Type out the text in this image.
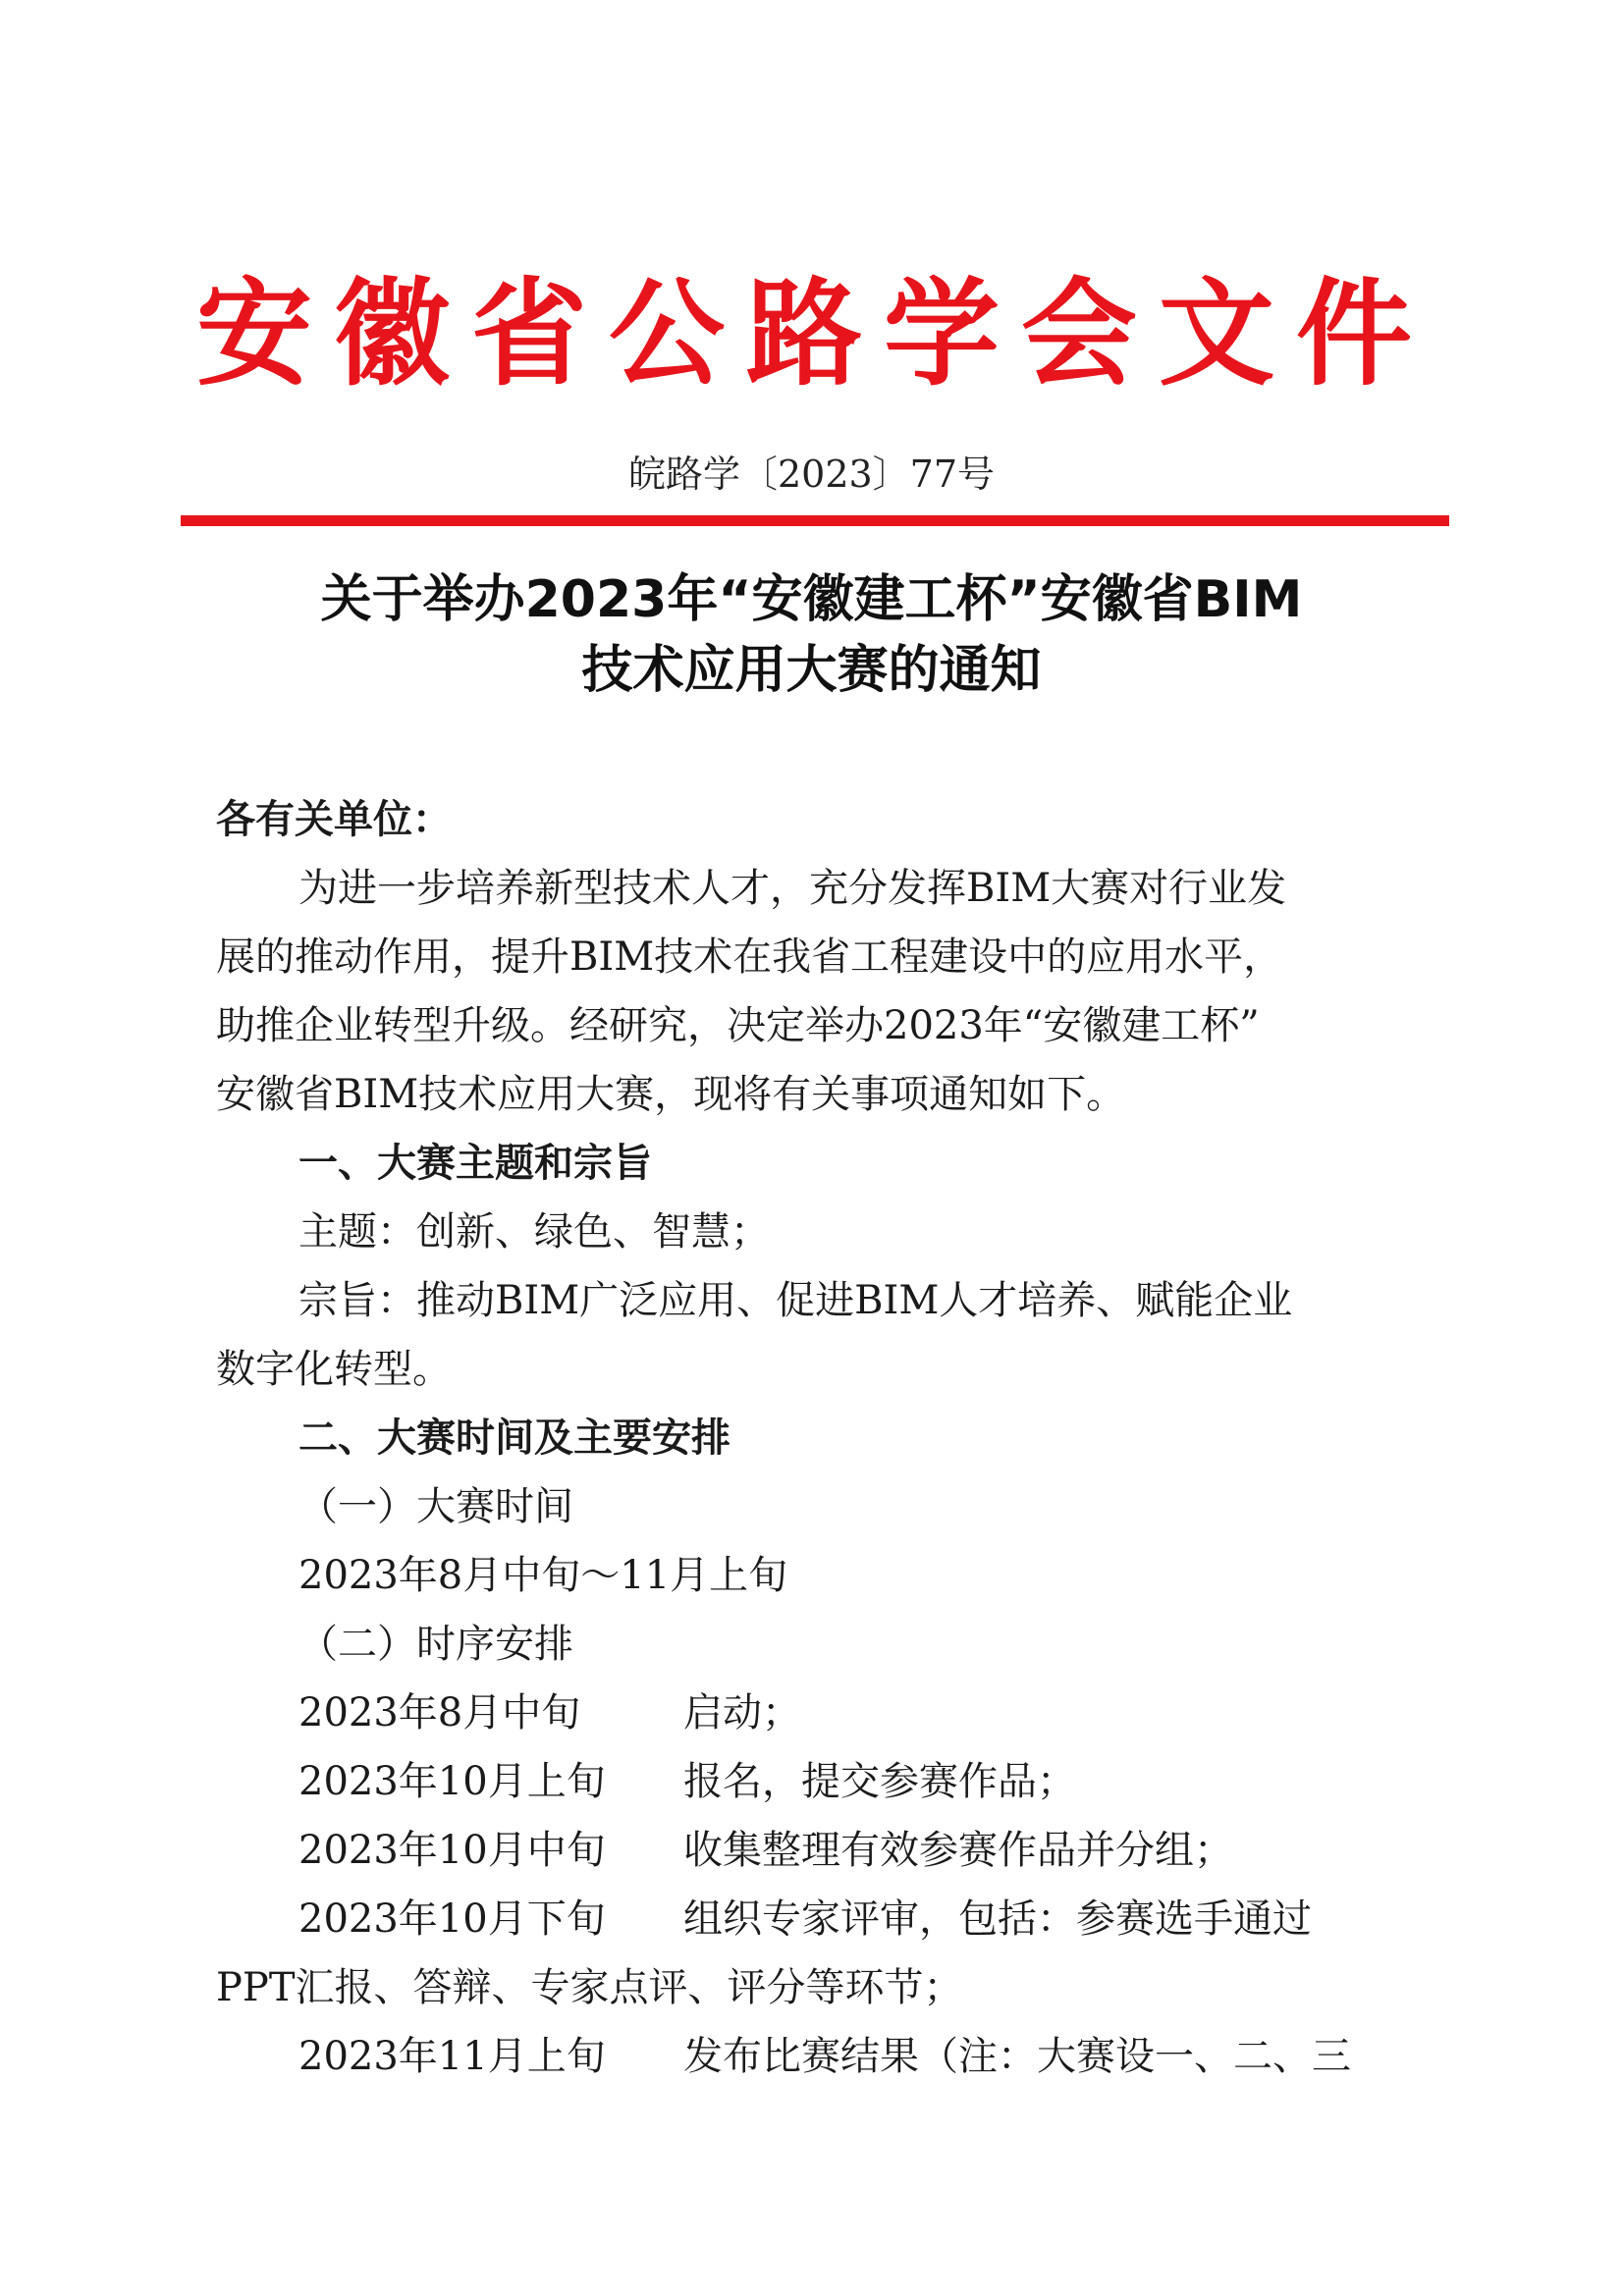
安徽省公路学会文件
皖路学〔2023〕77号
关于举办2023年“安徽建工杯”安徽省BIM
技术应用大赛的通知
各有关单位：
为进一步培养新型技术人才，充分发挥BIM大赛对行业发
展的推动作用，提升BIM技术在我省工程建设中的应用水平，
助推企业转型升级。经研究，决定举办2023年“安徽建工杯”
安徽省BIM技术应用大赛，现将有关事项通知如下。
一、大赛主题和宗旨
主题：创新、绿色、智慧；
宗旨：推动BIM广泛应用、促进BIM人才培养、赋能企业
数字化转型。
二、大赛时间及主要安排
（一）大赛时间
2023年8月中旬～11月上旬
（二）时序安排
2023年8月中旬	启动；
2023年10月上旬 报名，提交参赛作品；
2023年10月中旬 收集整理有效参赛作品并分组；
2023年10月下旬 组织专家评审，包括：参赛选手通过
PPT汇报、答辩、专家点评、评分等环节；
2023年11月上旬 发布比赛结果（注：大赛设一、二、三
